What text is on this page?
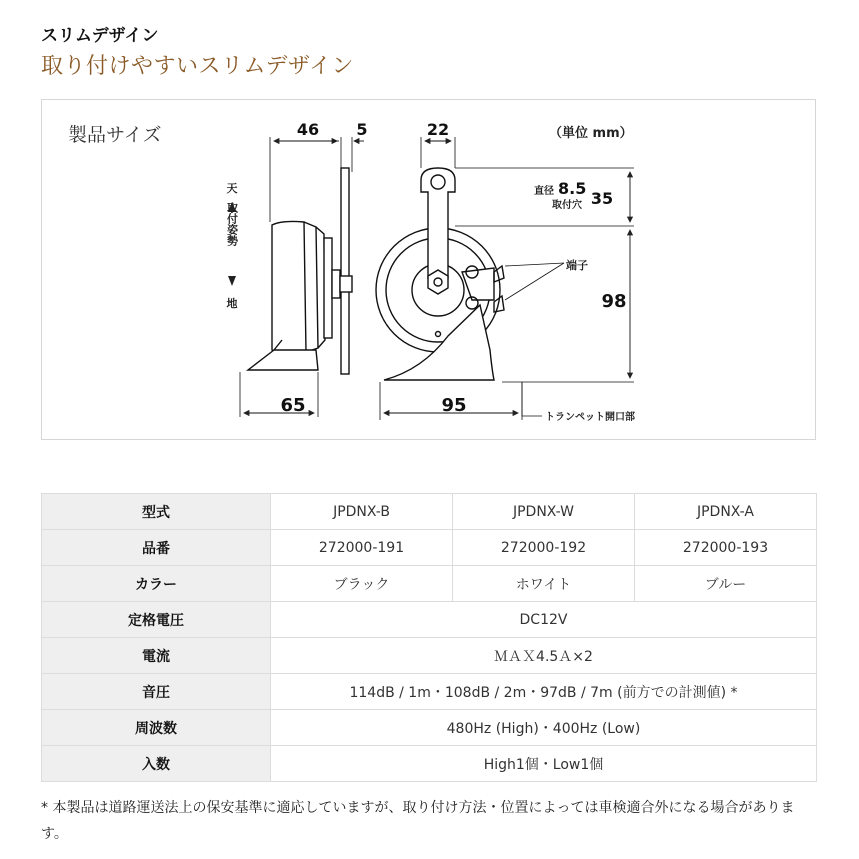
スリムデザイン
取り付けやすいスリムデザイン
製品サイズ	（単位 mm）
天
取付姿勢
地
46 5
65
22
95
35
98
直径 8.5
取付穴
端子
トランペット開口部
型式	JPDNX-B	JPDNX-W	JPDNX-A
品番	272000-191	272000-192	272000-193
カラー	ブラック	ホワイト	ブルー
定格電圧	DC12V		
電流	ＭＡＸ4.5Ａ×2		
音圧	114dB / 1m・108dB / 2m・97dB / 7m (前方での計測値) *		
周波数	480Hz (High)・400Hz (Low)		
入数	High1個・Low1個		
* 本製品は道路運送法上の保安基準に適応していますが、取り付け方法・位置によっては車検適合外になる場合があります。
